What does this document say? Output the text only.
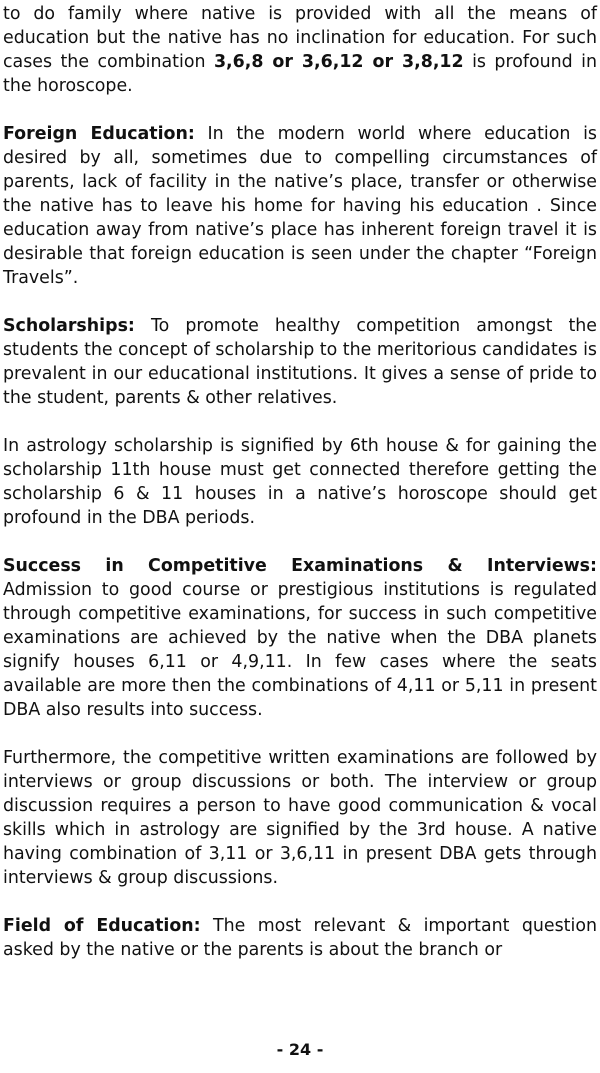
to do family where native is provided with all the means of education but the native has no inclination for education. For such cases the combination 3,6,8 or 3,6,12 or 3,8,12 is profound in the horoscope.

Foreign Education: In the modern world where education is desired by all, sometimes due to compelling circumstances of parents, lack of facility in the native’s place, transfer or otherwise the native has to leave his home for having his education . Since education away from native’s place has inherent foreign travel it is desirable that foreign education is seen under the chapter “Foreign Travels”.

Scholarships: To promote healthy competition amongst the students the concept of scholarship to the meritorious candidates is prevalent in our educational institutions. It gives a sense of pride to the student, parents & other relatives.

In astrology scholarship is signified by 6th house & for gaining the scholarship 11th house must get connected therefore getting the scholarship 6 & 11 houses in a native’s horoscope should get profound in the DBA periods.

Success in Competitive Examinations & Interviews: Admission to good course or prestigious institutions is regulated through competitive examinations, for success in such competitive examinations are achieved by the native when the DBA planets signify houses 6,11 or 4,9,11. In few cases where the seats available are more then the combinations of 4,11 or 5,11 in present DBA also results into success.

Furthermore, the competitive written examinations are followed by interviews or group discussions or both. The interview or group discussion requires a person to have good communication & vocal skills which in astrology are signified by the 3rd house. A native having combination of 3,11 or 3,6,11 in present DBA gets through interviews & group discussions.

Field of Education: The most relevant & important question asked by the native or the parents is about the branch or

- 24 -
